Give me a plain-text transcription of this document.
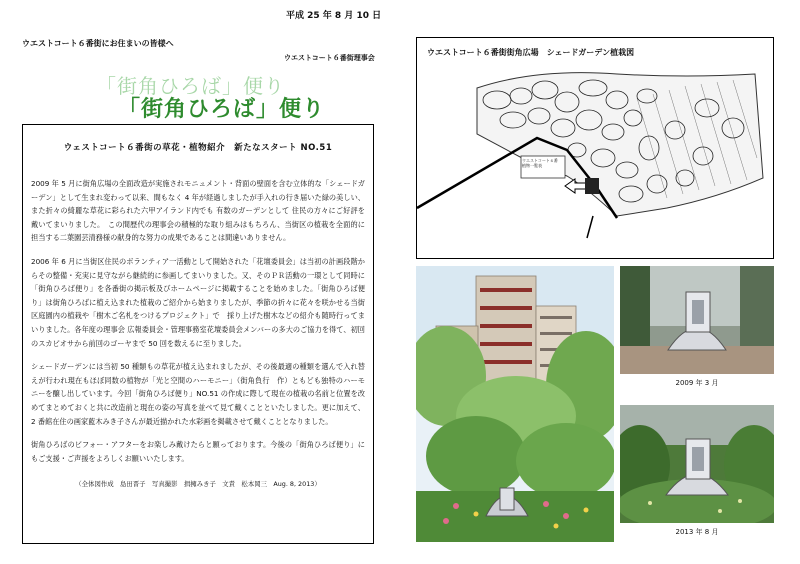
平成 25 年 8 月 10 日
ウエストコート６番街にお住まいの皆様へ
ウエストコート６番街理事会
「街角ひろば」便り
「街角ひろば」便り
ウェストコート６番街の草花・植物紹介　新たなスタート NO.51

2009 年 5 月に街角広場の全面改造が実施されモニュメント・背面の壁面を含む立体的な「シェードガーデン」として生まれ変わって以来、間もなく 4 年が経過しましたが手入れの行き届いた緑の美しい、また折々の綺麗な草花に彩られた六甲アイランド内でも 有数のガーデンとして 住民の方々にご好評を戴いてまいりました。　この間歴代の理事会の積極的な取り組みはもちろん、当街区の植栽を全面的に担当する二葉園芸清務様の献身的な努力の成果であることは間違いありません。

2006 年 6 月に当街区住民のボランティア一活動として開始された「花壇委員会」は当初の計画段階からその整備・充実に見守ながら継続的に参画してまいりました。又、そのＰＲ活動の一環として同時に「街角ひろば便り」を各番街の掲示板及びホームページに掲載することを始めました。「街角ひろば便り」は街角ひろばに植え込まれた植栽のご紹介から始まりましたが、季節の折々に花々を咲かせる当街区庭園内の植栽や「樹木ご名札をつけるプロジェクト」で　採り上げた樹木などの紹介も随時行ってまいりました。各年度の理事会 広報委員会・管理事務室花壇委員会メンバーの多大のご協力を得て、初回のスカビオサから前回のゴーヤまで 50 回を数えるに至りました。

シェードガーデンには当初 50 種類もの草花が植え込まれましたが、その後最適の種類を選んで入れ替えが行われ現在もほぼ同数の植物が「光と空間のハーモニー」（街角負行　作）ともども独特のハーモニーを醸し出しています。今回「街角ひろば便り」NO.51 の作成に際して現在の植栽の名前と位置を改めてまとめておくと共に改造前と現在の姿の写真を並べて見て戴くことといたしました。更に加えて、2 番館在住の画家藍木みき子さんが最近描かれた水彩画を掲載させて戴くこととなりました。

街角ひろばのビフォー・アフターをお楽しみ戴けたらと願っております。今後の「街角ひろば便り」にもご支援・ご声援をよろしくお願いいたします。

（全体図作成　島田晋子　写真撮影　揖擁みき子　文責　松本岡三　Aug. 8, 2013）
ウエストコート６番街街角広場　シェードガーデン植栽図
ウエストコート６番
植物一覧表
2009 年 3 月
2013 年 8 月
